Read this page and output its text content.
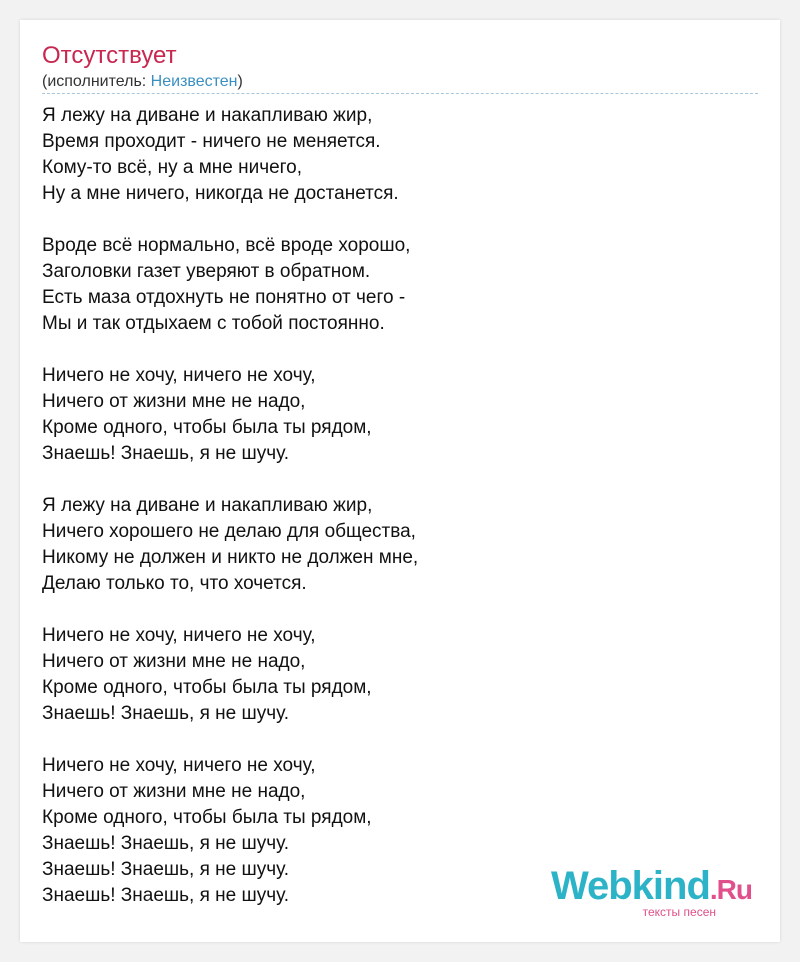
Отсутствует
(исполнитель: Неизвестен)
Я лежу на диване и накапливаю жир,
Время проходит - ничего не меняется.
Кому-то всё, ну а мне ничего,
Ну а мне ничего, никогда не достанется.
Вроде всё нормально, всё вроде хорошо,
Заголовки газет уверяют в обратном.
Есть маза отдохнуть не понятно от чего -
Мы и так отдыхаем с тобой постоянно.
Ничего не хочу, ничего не хочу,
Ничего от жизни мне не надо,
Кроме одного, чтобы была ты рядом,
Знаешь! Знаешь, я не шучу.
Я лежу на диване и накапливаю жир,
Ничего хорошего не делаю для общества,
Никому не должен и никто не должен мне,
Делаю только то, что хочется.
Ничего не хочу, ничего не хочу,
Ничего от жизни мне не надо,
Кроме одного, чтобы была ты рядом,
Знаешь! Знаешь, я не шучу.
Ничего не хочу, ничего не хочу,
Ничего от жизни мне не надо,
Кроме одного, чтобы была ты рядом,
Знаешь! Знаешь, я не шучу.
Знаешь! Знаешь, я не шучу.
Знаешь! Знаешь, я не шучу.	Webkind.Ru
тексты песен
